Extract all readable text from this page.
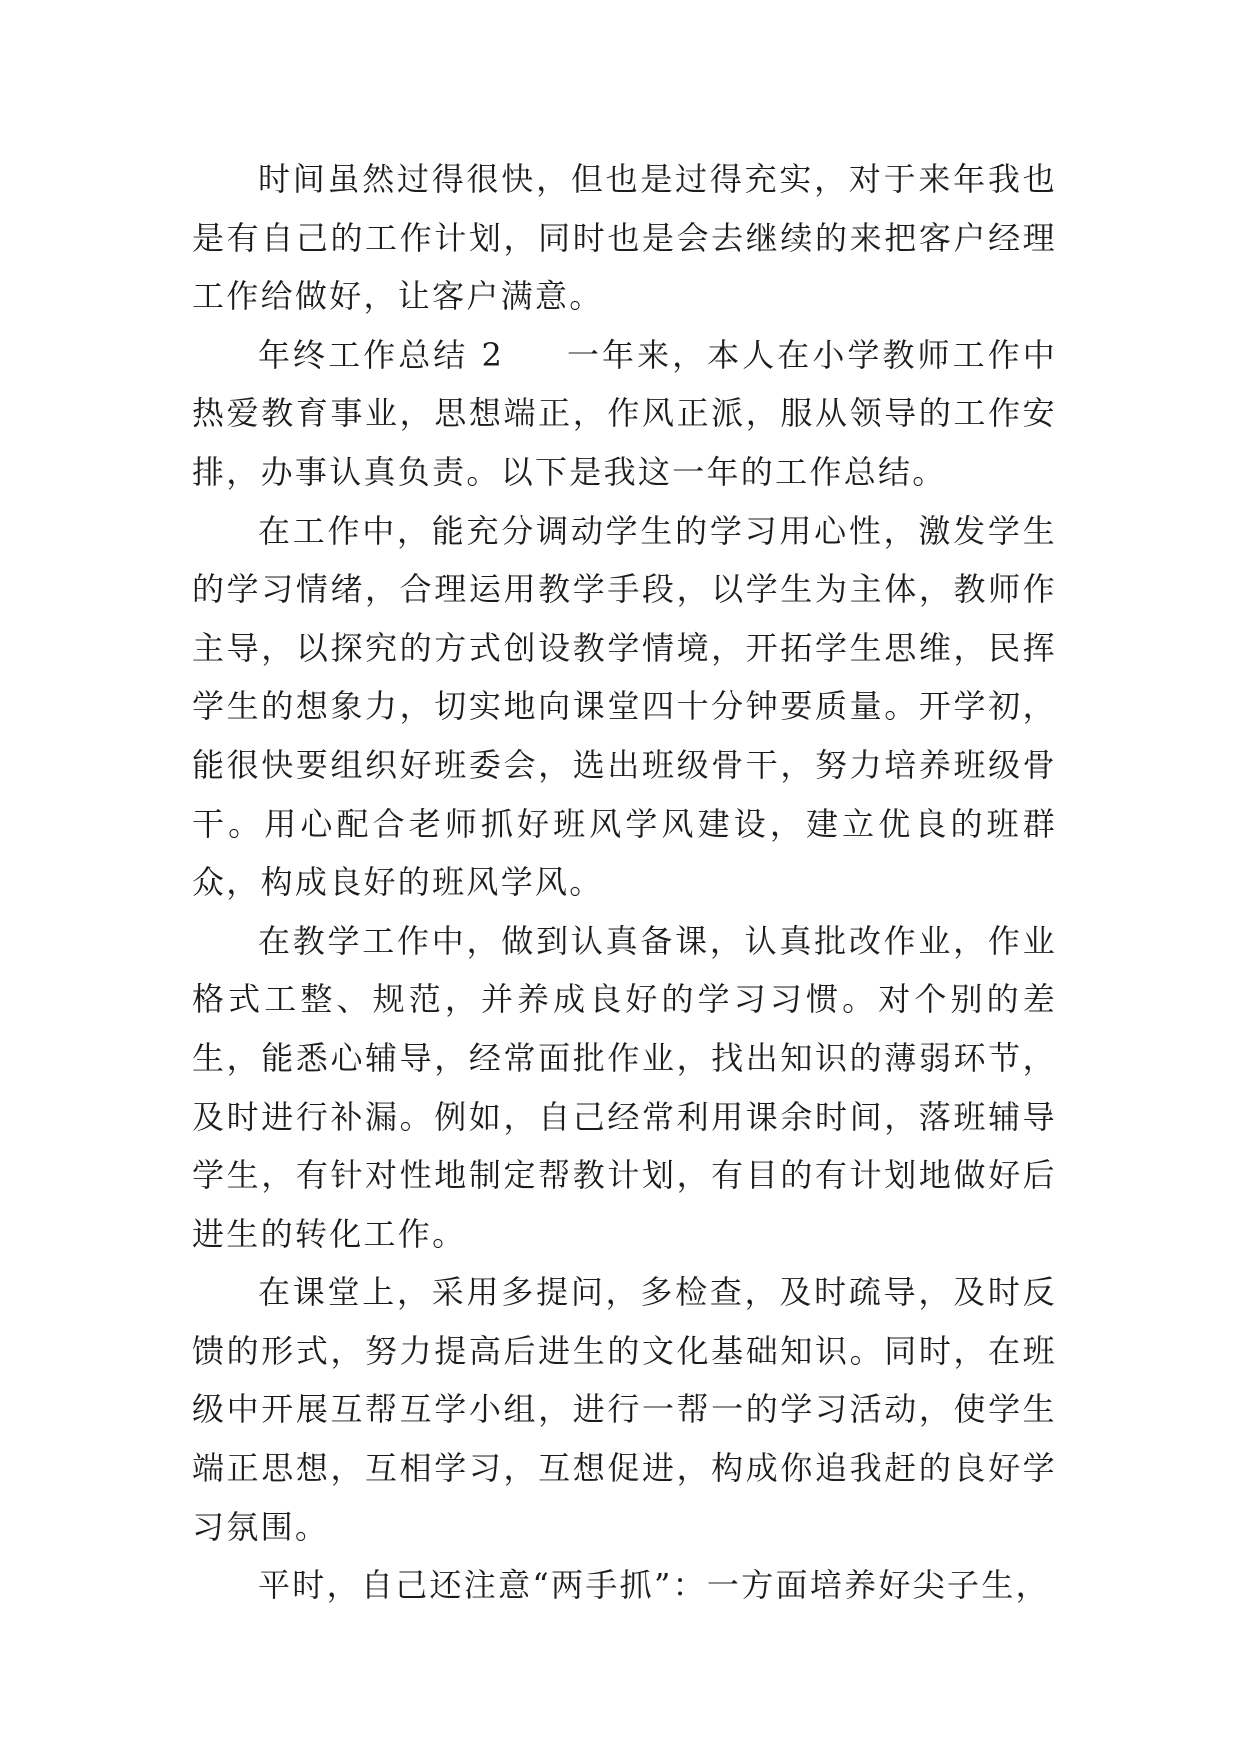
时间虽然过得很快，但也是过得充实，对于来年我也是有自己的工作计划，同时也是会去继续的来把客户经理工作给做好，让客户满意。

年终工作总结 2 一年来，本人在小学教师工作中热爱教育事业，思想端正，作风正派，服从领导的工作安排，办事认真负责。以下是我这一年的工作总结。

在工作中，能充分调动学生的学习用心性，激发学生的学习情绪，合理运用教学手段，以学生为主体，教师作主导，以探究的方式创设教学情境，开拓学生思维，民挥学生的想象力，切实地向课堂四十分钟要质量。开学初，能很快要组织好班委会，选出班级骨干，努力培养班级骨干。用心配合老师抓好班风学风建设，建立优良的班群众，构成良好的班风学风。

在教学工作中，做到认真备课，认真批改作业，作业格式工整、规范，并养成良好的学习习惯。对个别的差生，能悉心辅导，经常面批作业，找出知识的薄弱环节，及时进行补漏。例如，自己经常利用课余时间，落班辅导学生，有针对性地制定帮教计划，有目的有计划地做好后进生的转化工作。

在课堂上，采用多提问，多检查，及时疏导，及时反馈的形式，努力提高后进生的文化基础知识。同时，在班级中开展互帮互学小组，进行一帮一的学习活动，使学生端正思想，互相学习，互想促进，构成你追我赶的良好学习氛围。

平时，自己还注意“两手抓”：一方面培养好尖子生，
